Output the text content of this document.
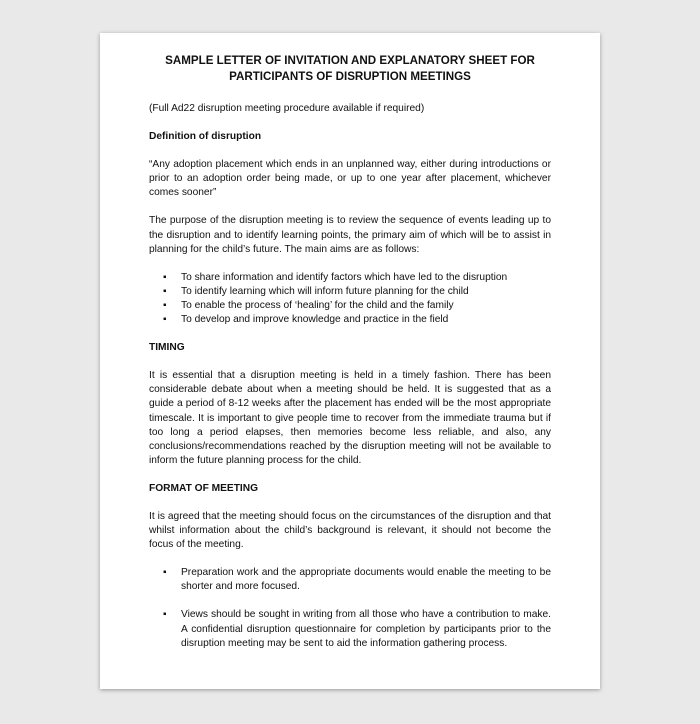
SAMPLE LETTER OF INVITATION AND EXPLANATORY SHEET FOR
PARTICIPANTS OF DISRUPTION MEETINGS

(Full Ad22 disruption meeting procedure available if required)

Definition of disruption

“Any adoption placement which ends in an unplanned way, either during introductions or prior to an adoption order being made, or up to one year after placement, whichever comes sooner”

The purpose of the disruption meeting is to review the sequence of events leading up to the disruption and to identify learning points, the primary aim of which will be to assist in planning for the child’s future. The main aims are as follows:

▪ To share information and identify factors which have led to the disruption
▪ To identify learning which will inform future planning for the child
▪ To enable the process of ‘healing’ for the child and the family
▪ To develop and improve knowledge and practice in the field
TIMING

It is essential that a disruption meeting is held in a timely fashion. There has been considerable debate about when a meeting should be held. It is suggested that as a guide a period of 8-12 weeks after the placement has ended will be the most appropriate timescale. It is important to give people time to recover from the immediate trauma but if too long a period elapses, then memories become less reliable, and also, any conclusions/recommendations reached by the disruption meeting will not be available to inform the future planning process for the child.

FORMAT OF MEETING

It is agreed that the meeting should focus on the circumstances of the disruption and that whilst information about the child’s background is relevant, it should not become the focus of the meeting.

▪ Preparation work and the appropriate documents would enable the meeting to be shorter and more focused.
▪ Views should be sought in writing from all those who have a contribution to make. A confidential disruption questionnaire for completion by participants prior to the disruption meeting may be sent to aid the information gathering process.
